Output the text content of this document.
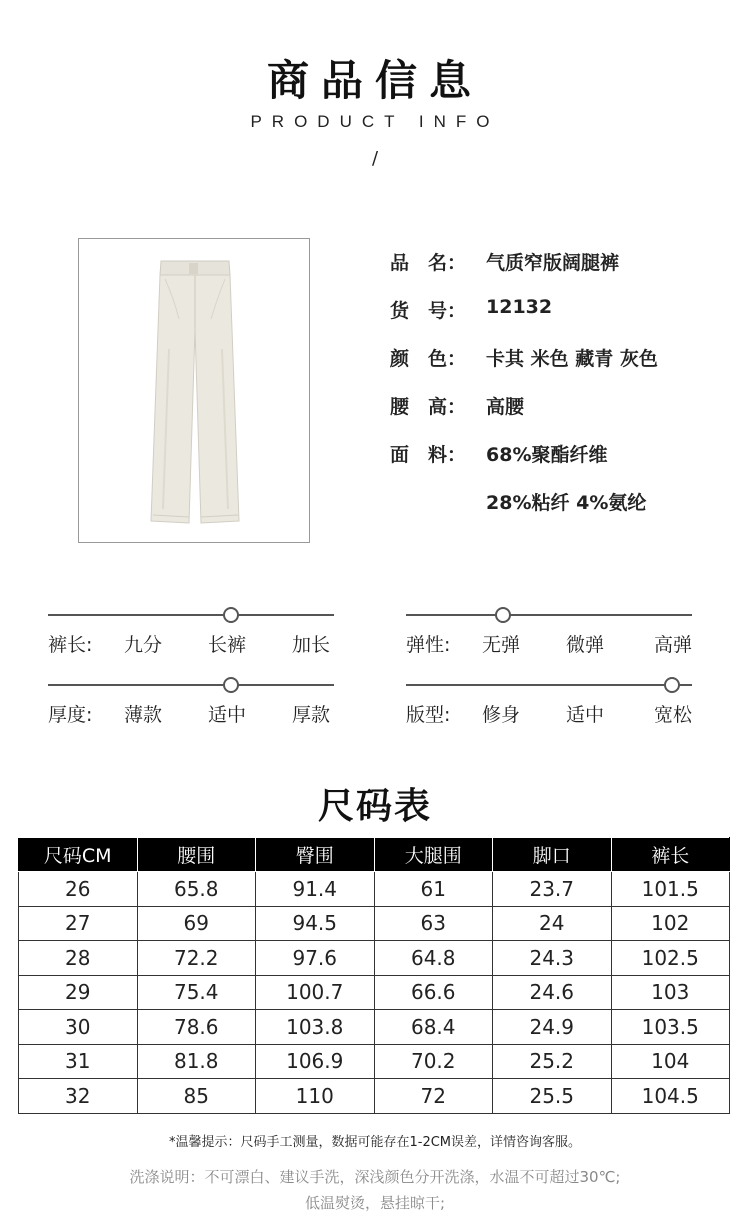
商品信息
PRODUCT INFO
/
品　名：	气质窄版阔腿裤
货　号：	12132
颜　色：	卡其 米色 藏青 灰色
腰　高：	高腰
面　料：	68%聚酯纤维
28%粘纤 4%氨纶
裤长: 九分 长裤 加长	弹性: 无弹 微弹	高弹
厚度: 薄款 适中 厚款	版型: 修身 适中	宽松
尺码表
尺码CM	腰围	臀围	大腿围	脚口	裤长
26	65.8	91.4	61	23.7	101.5
27	69	94.5	63	24	102
28	72.2	97.6	64.8	24.3	102.5
29	75.4	100.7	66.6	24.6	103
30	78.6	103.8	68.4	24.9	103.5
31	81.8	106.9	70.2	25.2	104
32	85	110	72	25.5	104.5
*温馨提示：尺码手工测量，数据可能存在1-2CM误差，详情咨询客服。
洗涤说明：不可漂白、建议手洗，深浅颜色分开洗涤，水温不可超过30℃;
低温熨烫，悬挂晾干;
